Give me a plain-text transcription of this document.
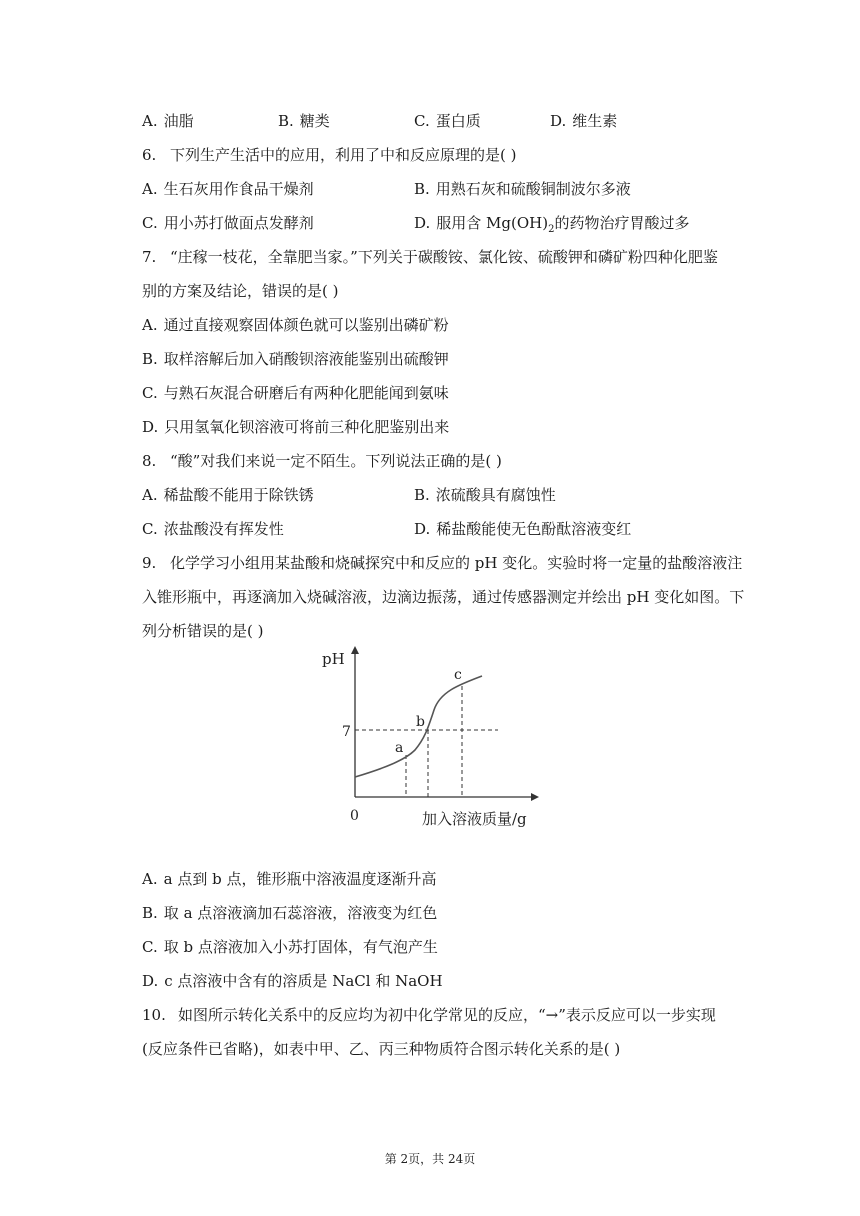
A. 油脂	B. 糖类	C. 蛋白质	D. 维生素
6. 下列生产生活中的应用，利用了中和反应原理的是( )
A. 生石灰用作食品干燥剂	B. 用熟石灰和硫酸铜制波尔多液
C. 用小苏打做面点发酵剂	D. 服用含 $Mg(OH)_2$的药物治疗胃酸过多
7. “庄稼一枝花，全靠肥当家。”下列关于碳酸铵、氯化铵、硫酸钾和磷矿粉四种化肥鉴
别的方案及结论，错误的是( )
A. 通过直接观察固体颜色就可以鉴别出磷矿粉
B. 取样溶解后加入硝酸钡溶液能鉴别出硫酸钾
C. 与熟石灰混合研磨后有两种化肥能闻到氨味
D. 只用氢氧化钡溶液可将前三种化肥鉴别出来
8. “酸”对我们来说一定不陌生。下列说法正确的是( )
A. 稀盐酸不能用于除铁锈	B. 浓硫酸具有腐蚀性
C. 浓盐酸没有挥发性	D. 稀盐酸能使无色酚酞溶液变红
9. 化学学习小组用某盐酸和烧碱探究中和反应的 pH 变化。实验时将一定量的盐酸溶液注
入锥形瓶中，再逐滴加入烧碱溶液，边滴边振荡，通过传感器测定并绘出 pH 变化如图。下
列分析错误的是( )
pH
0	加入溶液质量/g
7
a
b
c
A. a 点到 b 点，锥形瓶中溶液温度逐渐升高
B. 取 a 点溶液滴加石蕊溶液，溶液变为红色
C. 取 b 点溶液加入小苏打固体，有气泡产生
D. c 点溶液中含有的溶质是 NaCl 和 NaOH
10. 如图所示转化关系中的反应均为初中化学常见的反应，“→”表示反应可以一步实现
(反应条件已省略)，如表中甲、乙、丙三种物质符合图示转化关系的是( )
第 2页，共 24页
